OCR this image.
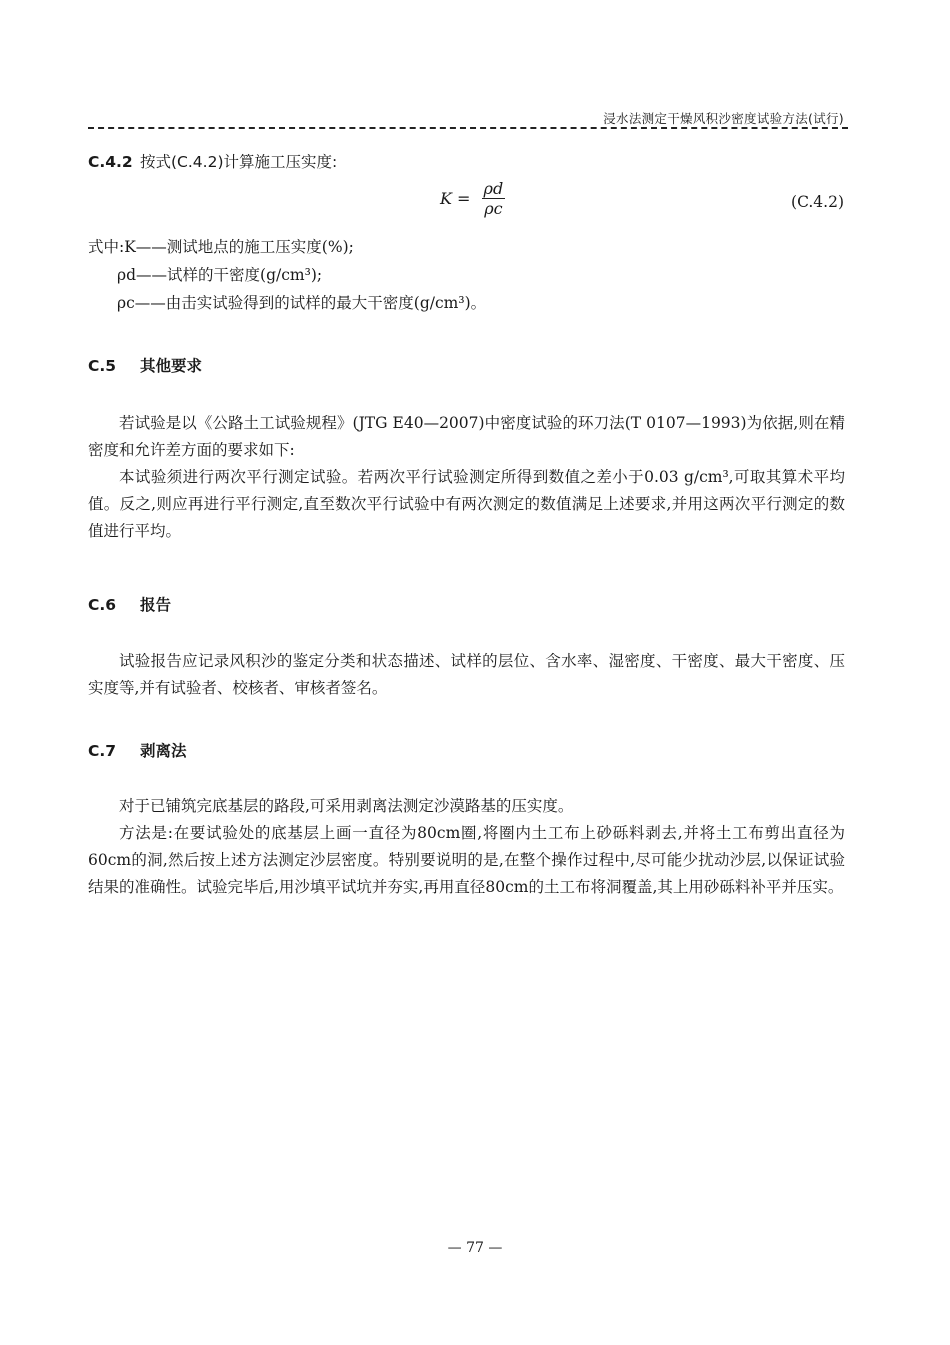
浸水法测定干燥风积沙密度试验方法(试行)
C.4.2 按式(C.4.2)计算施工压实度:
$K = \frac{\rho d}{\rho c}$	(C.4.2)
式中:K——测试地点的施工压实度(%);
ρd——试样的干密度(g/cm³);
ρc——由击实试验得到的试样的最大干密度(g/cm³)。
C.5 其他要求

若试验是以《公路土工试验规程》(JTG E40—2007)中密度试验的环刀法(T 0107—1993)为依据,则在精密度和允许差方面的要求如下:

本试验须进行两次平行测定试验。若两次平行试验测定所得到数值之差小于0.03 g/cm³,可取其算术平均值。反之,则应再进行平行测定,直至数次平行试验中有两次测定的数值满足上述要求,并用这两次平行测定的数值进行平均。

C.6 报告

试验报告应记录风积沙的鉴定分类和状态描述、试样的层位、含水率、湿密度、干密度、最大干密度、压实度等,并有试验者、校核者、审核者签名。

C.7 剥离法

对于已铺筑完底基层的路段,可采用剥离法测定沙漠路基的压实度。

方法是:在要试验处的底基层上画一直径为80cm圈,将圈内土工布上砂砾料剥去,并将土工布剪出直径为60cm的洞,然后按上述方法测定沙层密度。特别要说明的是,在整个操作过程中,尽可能少扰动沙层,以保证试验结果的准确性。试验完毕后,用沙填平试坑并夯实,再用直径80cm的土工布将洞覆盖,其上用砂砾料补平并压实。

— 77 —
